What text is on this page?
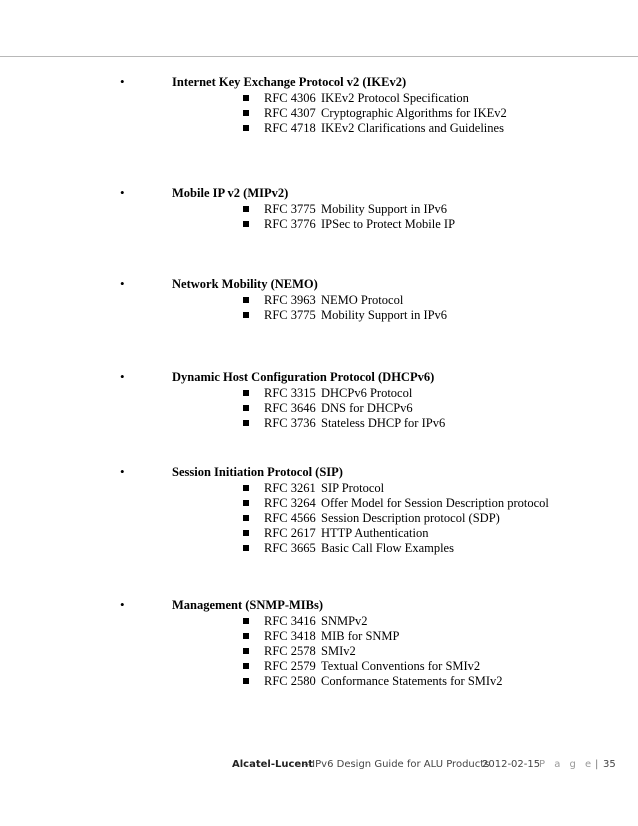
•	Internet Key Exchange Protocol v2 (IKEv2)
RFC 4306 IKEv2 Protocol Specification
RFC 4307 Cryptographic Algorithms for IKEv2
RFC 4718 IKEv2 Clarifications and Guidelines
•	Mobile IP v2 (MIPv2)
RFC 3775 Mobility Support in IPv6
RFC 3776 IPSec to Protect Mobile IP
•	Network Mobility (NEMO)
RFC 3963 NEMO Protocol
RFC 3775 Mobility Support in IPv6
•	Dynamic Host Configuration Protocol (DHCPv6)
RFC 3315 DHCPv6 Protocol
RFC 3646 DNS for DHCPv6
RFC 3736 Stateless DHCP for IPv6
•	Session Initiation Protocol (SIP)
RFC 3261 SIP Protocol
RFC 3264 Offer Model for Session Description protocol
RFC 4566 Session Description protocol (SDP)
RFC 2617 HTTP Authentication
RFC 3665 Basic Call Flow Examples
•	Management (SNMP-MIBs)
RFC 3416 SNMPv2
RFC 3418 MIB for SNMP
RFC 2578 SMIv2
RFC 2579 Textual Conventions for SMIv2
RFC 2580 Conformance Statements for SMIv2
Alcatel-Lucent
– IPv6 Design Guide for ALU Products
2012-02-15
P a g e | 35
